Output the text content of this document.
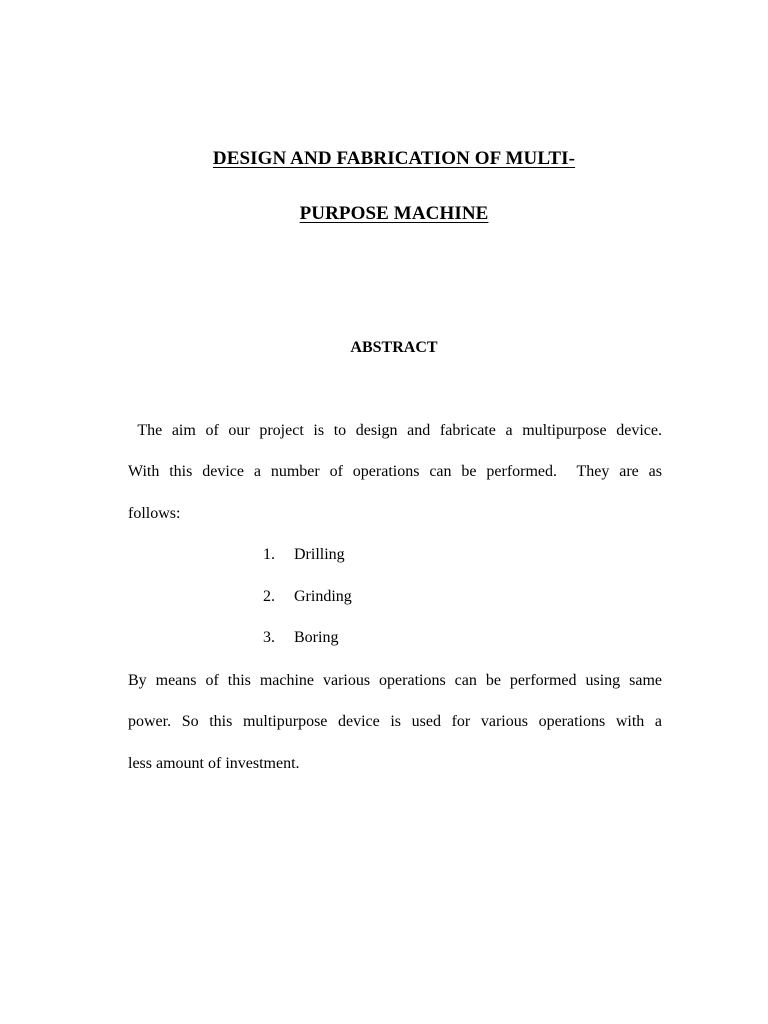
DESIGN AND FABRICATION OF MULTI-
PURPOSE MACHINE
ABSTRACT
The aim of our project is to design and fabricate a multipurpose device.
With this device a number of operations can be performed.  They are as
follows:
1. Drilling
2. Grinding
3. Boring
By means of this machine various operations can be performed using same
power. So this multipurpose device is used for various operations with a
less amount of investment.
